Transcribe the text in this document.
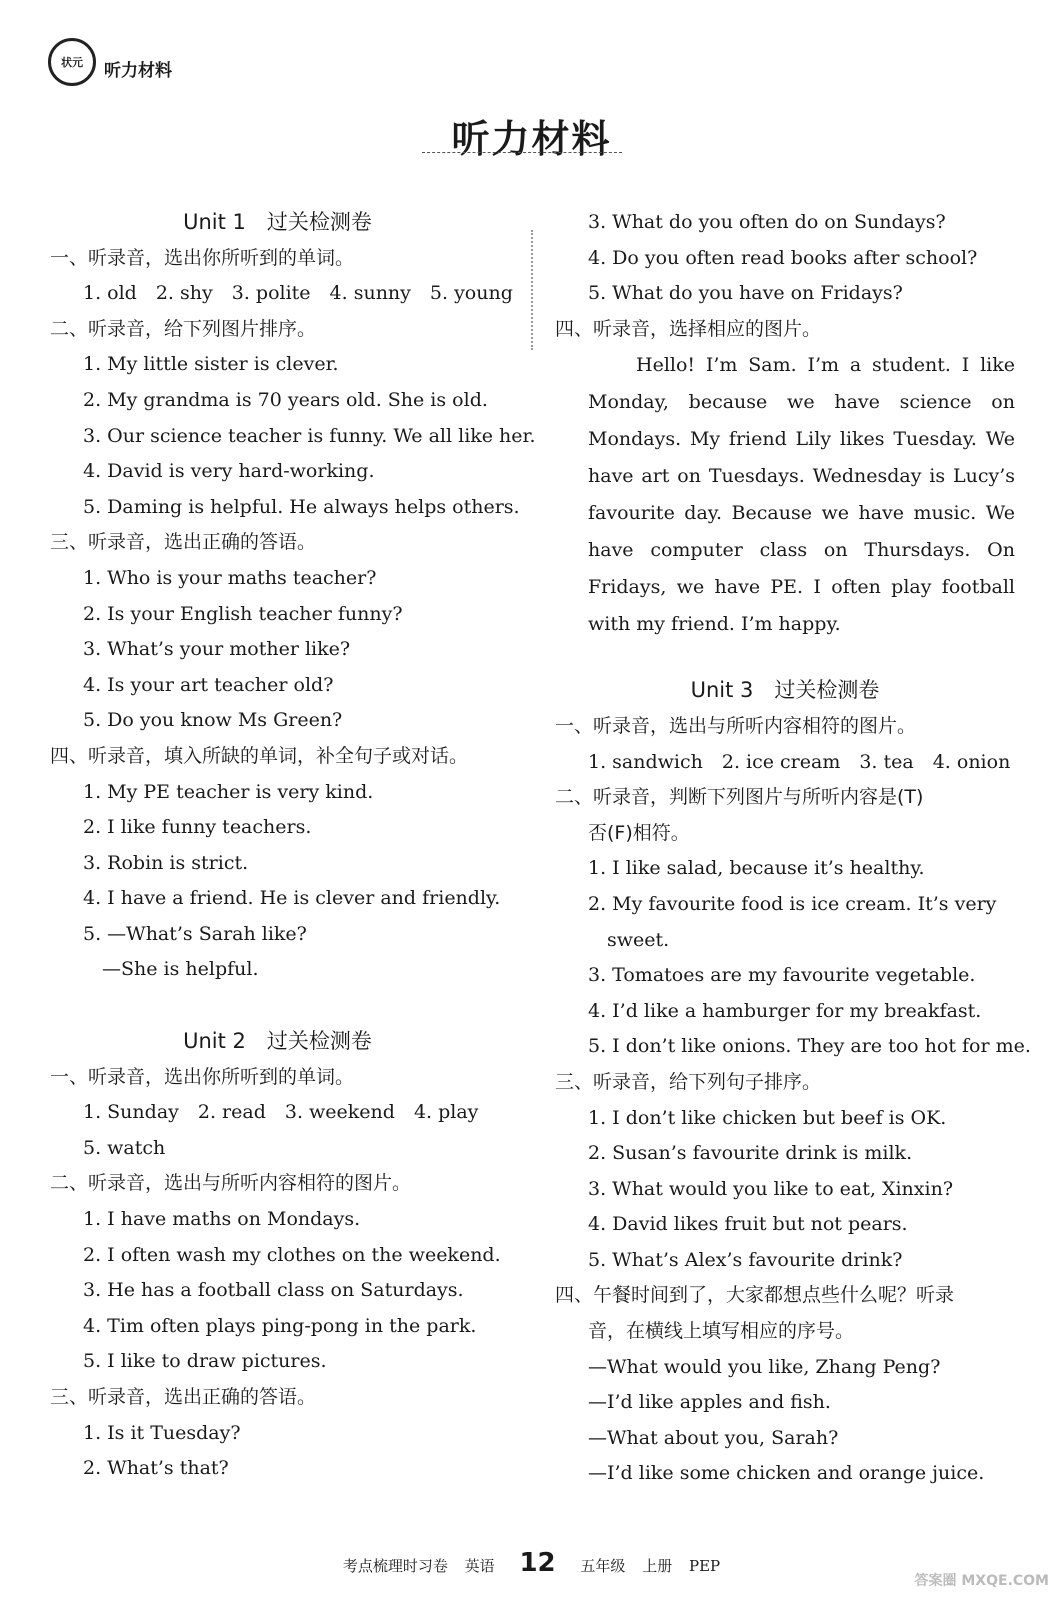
状元 听力材料
听力材料
Unit 1　过关检测卷
一、听录音，选出你所听到的单词。
1. old　2. shy　3. polite　4. sunny　5. young
二、听录音，给下列图片排序。
1. My little sister is clever.
2. My grandma is 70 years old. She is old.
3. Our science teacher is funny. We all like her.
4. David is very hard-working.
5. Daming is helpful. He always helps others.
三、听录音，选出正确的答语。
1. Who is your maths teacher?
2. Is your English teacher funny?
3. What’s your mother like?
4. Is your art teacher old?
5. Do you know Ms Green?
四、听录音，填入所缺的单词，补全句子或对话。
1. My PE teacher is very kind.
2. I like funny teachers.
3. Robin is strict.
4. I have a friend. He is clever and friendly.
5. —What’s Sarah like?
—She is helpful.
Unit 2　过关检测卷
一、听录音，选出你所听到的单词。
1. Sunday　2. read　3. weekend　4. play
5. watch
二、听录音，选出与所听内容相符的图片。
1. I have maths on Mondays.
2. I often wash my clothes on the weekend.
3. He has a football class on Saturdays.
4. Tim often plays ping-pong in the park.
5. I like to draw pictures.
三、听录音，选出正确的答语。
1. Is it Tuesday?
2. What’s that?
3. What do you often do on Sundays?
4. Do you often read books after school?
5. What do you have on Fridays?
四、听录音，选择相应的图片。
Hello! I’m Sam. I’m a student. I like Monday, because we have science on Mondays. My friend Lily likes Tuesday. We have art on Tuesdays. Wednesday is Lucy’s favourite day. Because we have music. We have computer class on Thursdays. On Fridays, we have PE. I often play football with my friend. I’m happy.
Unit 3　过关检测卷
一、听录音，选出与所听内容相符的图片。
1. sandwich　2. ice cream　3. tea　4. onion
二、听录音，判断下列图片与所听内容是(T)
否(F)相符。
1. I like salad, because it’s healthy.
2. My favourite food is ice cream. It’s very
sweet.
3. Tomatoes are my favourite vegetable.
4. I’d like a hamburger for my breakfast.
5. I don’t like onions. They are too hot for me.
三、听录音，给下列句子排序。
1. I don’t like chicken but beef is OK.
2. Susan’s favourite drink is milk.
3. What would you like to eat, Xinxin?
4. David likes fruit but not pears.
5. What’s Alex’s favourite drink?
四、午餐时间到了，大家都想点些什么呢？听录
音，在横线上填写相应的序号。
—What would you like, Zhang Peng?
—I’d like apples and fish.
—What about you, Sarah?
—I’d like some chicken and orange juice.
考点梳理时习卷 英语 12 五年级 上册 PEP
答案圈 MXQE.COM
